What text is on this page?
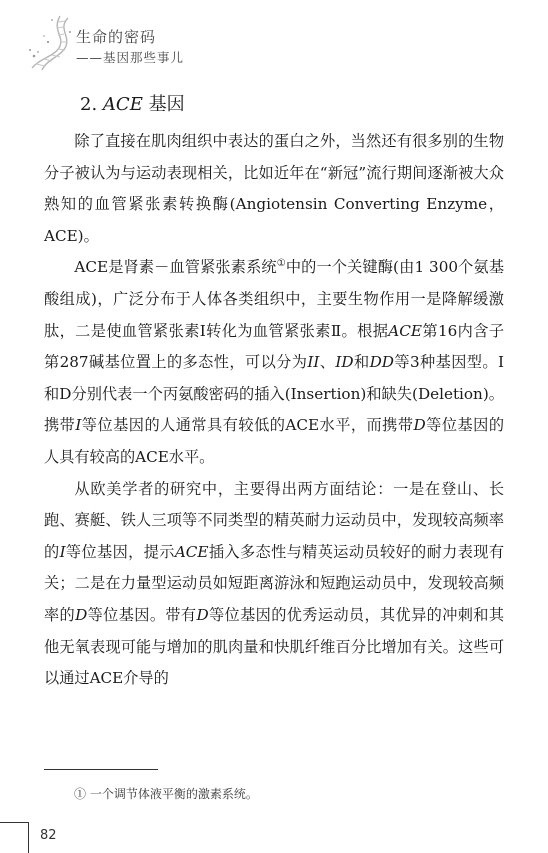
生命的密码
——基因那些事儿
2. ACE 基因

除了直接在肌肉组织中表达的蛋白之外，当然还有很多别的生物分子被认为与运动表现相关，比如近年在“新冠”流行期间逐渐被大众熟知的血管紧张素转换酶(Angiotensin Converting Enzyme，ACE)。

ACE是肾素－血管紧张素系统①中的一个关键酶(由1 300个氨基酸组成)，广泛分布于人体各类组织中，主要生物作用一是降解缓激肽，二是使血管紧张素Ⅰ转化为血管紧张素Ⅱ。根据ACE第16内含子第287碱基位置上的多态性，可以分为II、ID和DD等3种基因型。I和D分别代表一个丙氨酸密码的插入(Insertion)和缺失(Deletion)。携带I等位基因的人通常具有较低的ACE水平，而携带D等位基因的人具有较高的ACE水平。

从欧美学者的研究中，主要得出两方面结论：一是在登山、长跑、赛艇、铁人三项等不同类型的精英耐力运动员中，发现较高频率的I等位基因，提示ACE插入多态性与精英运动员较好的耐力表现有关；二是在力量型运动员如短距离游泳和短跑运动员中，发现较高频率的D等位基因。带有D等位基因的优秀运动员，其优异的冲刺和其他无氧表现可能与增加的肌肉量和快肌纤维百分比增加有关。这些可以通过ACE介导的

① 一个调节体液平衡的激素系统。
82
